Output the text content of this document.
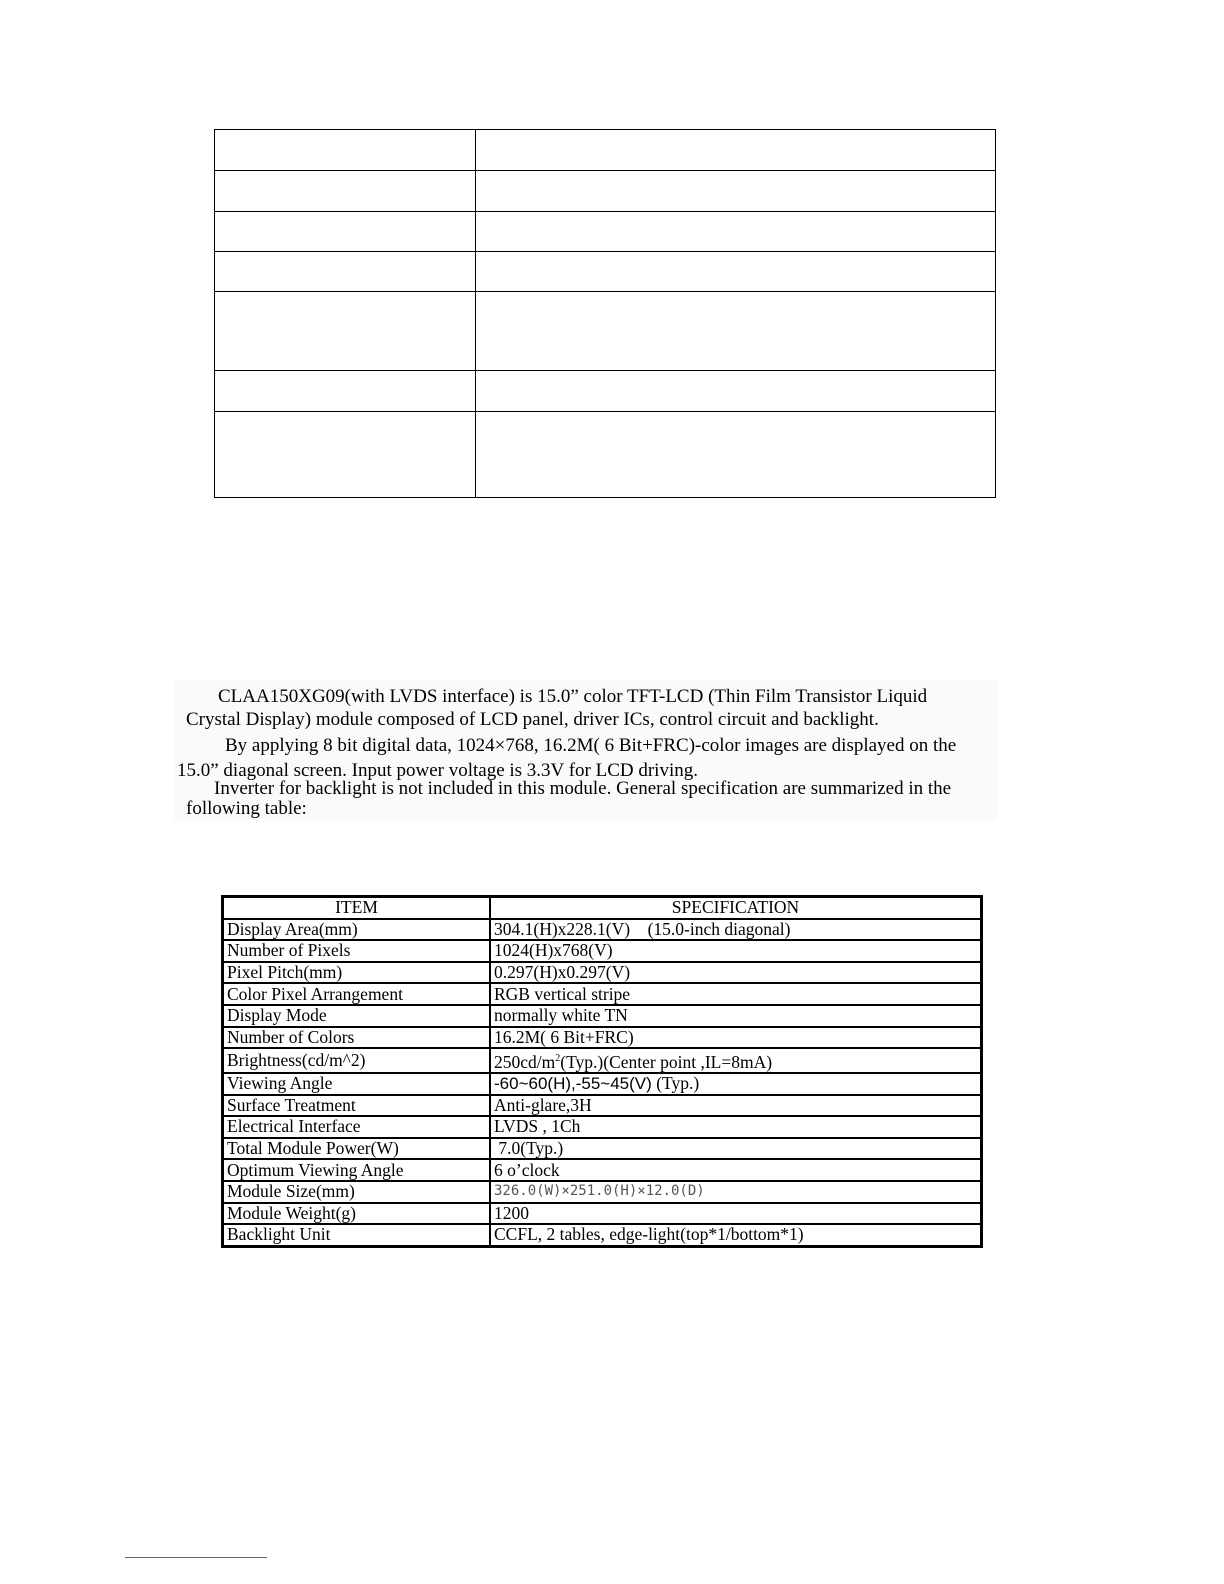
CLAA150XG09(with LVDS interface) is 15.0” color TFT-LCD (Thin Film Transistor Liquid
Crystal Display) module composed of LCD panel, driver ICs, control circuit and backlight.
By applying 8 bit digital data, 1024×768, 16.2M( 6 Bit+FRC)-color images are displayed on the
15.0” diagonal screen. Input power voltage is 3.3V for LCD driving.
Inverter for backlight is not included in this module. General specification are summarized in the
following table:
ITEM	SPECIFICATION
Display Area(mm)	304.1(H)x228.1(V)    (15.0-inch diagonal)
Number of Pixels	1024(H)x768(V)
Pixel Pitch(mm)	0.297(H)x0.297(V)
Color Pixel Arrangement	RGB vertical stripe
Display Mode	normally white TN
Number of Colors	16.2M( 6 Bit+FRC)
Brightness(cd/m^2)	$250cd/m^2(Typ.)(Center$ point ,IL=8mA)
Viewing Angle	-60~60(H),-55~45(V) (Typ.)
Surface Treatment	Anti-glare,3H
Electrical Interface	LVDS , 1Ch
Total Module Power(W)	7.0(Typ.)
Optimum Viewing Angle	6 o’clock
Module Size(mm)	326.0(W)×251.0(H)×12.0(D)
Module Weight(g)	1200
Backlight Unit	CCFL, 2 tables, edge-light(top*1/bottom*1)
